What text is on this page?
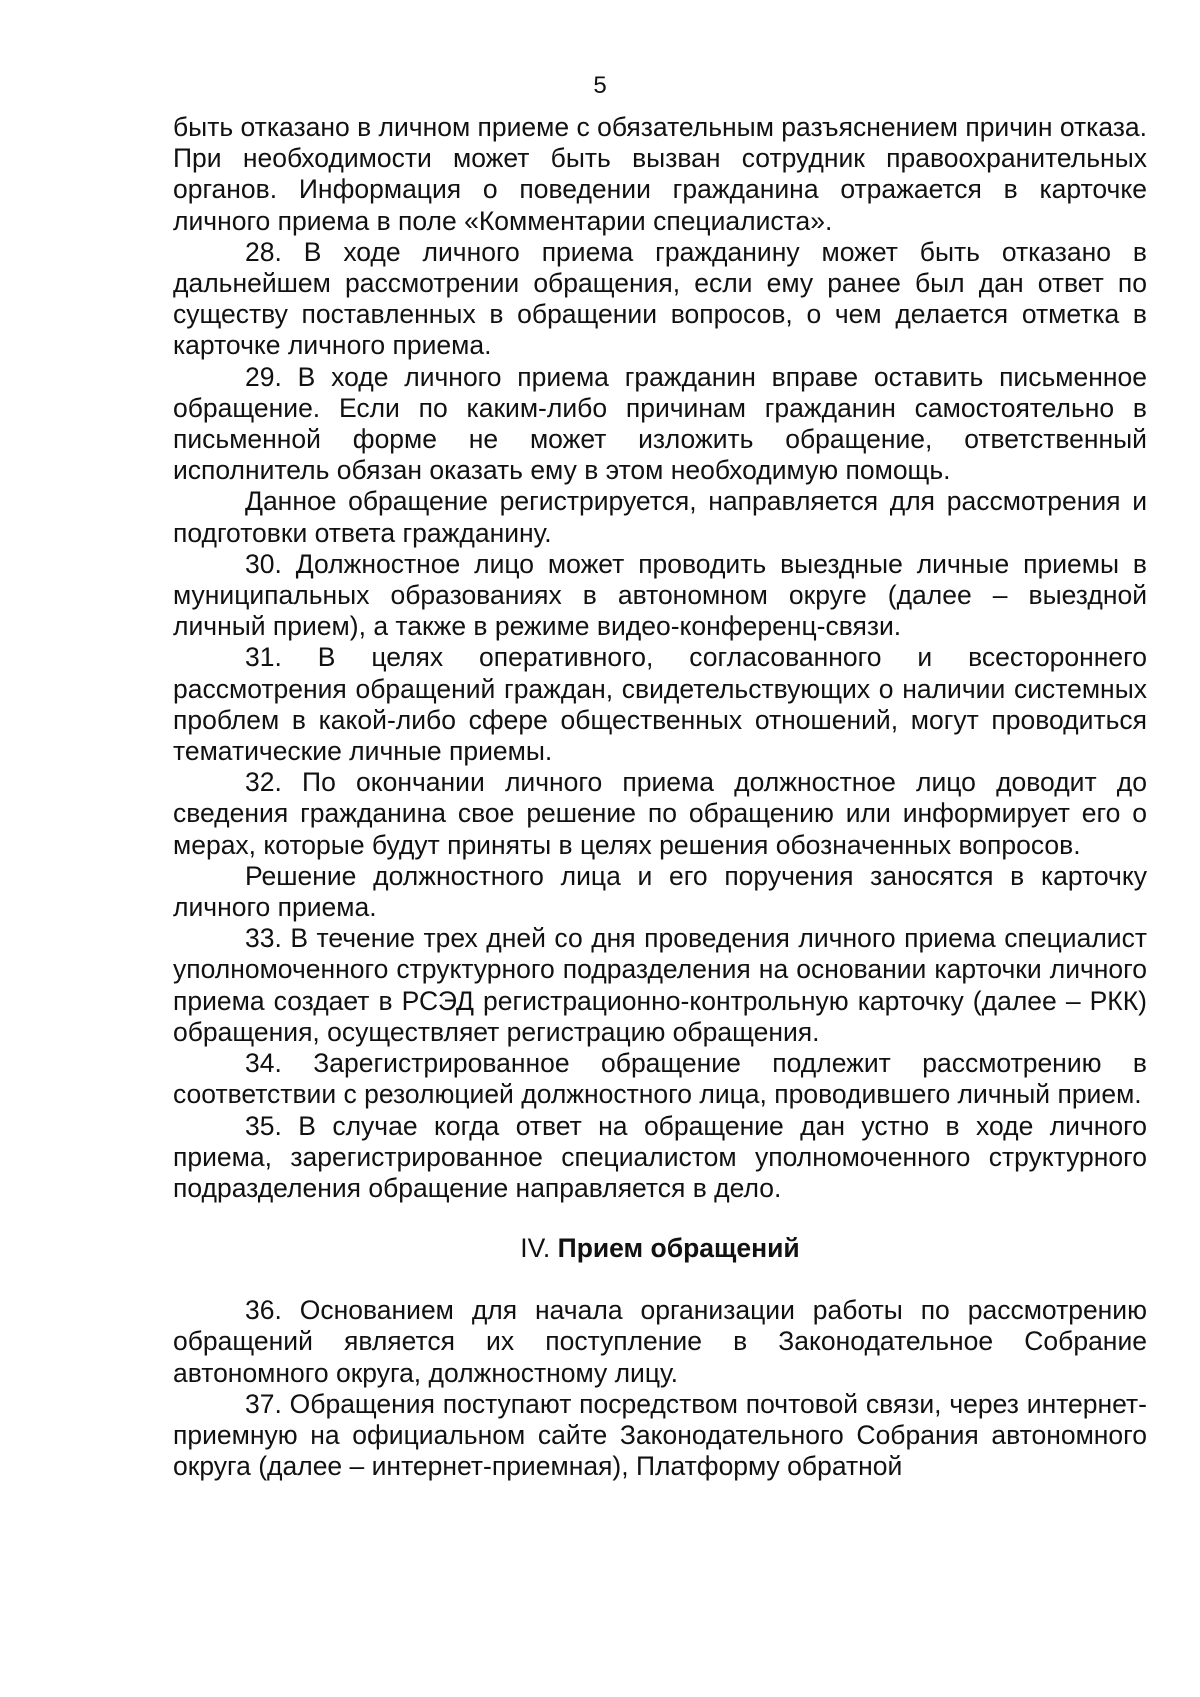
5

быть отказано в личном приеме с обязательным разъяснением причин отказа. При необходимости может быть вызван сотрудник правоохранительных органов. Информация о поведении гражданина отражается в карточке личного приема в поле «Комментарии специалиста».

28. В ходе личного приема гражданину может быть отказано в дальнейшем рассмотрении обращения, если ему ранее был дан ответ по существу поставленных в обращении вопросов, о чем делается отметка в карточке личного приема.

29. В ходе личного приема гражданин вправе оставить письменное обращение. Если по каким-либо причинам гражданин самостоятельно в письменной форме не может изложить обращение, ответственный исполнитель обязан оказать ему в этом необходимую помощь.

Данное обращение регистрируется, направляется для рассмотрения и подготовки ответа гражданину.

30. Должностное лицо может проводить выездные личные приемы в муниципальных образованиях в автономном округе (далее – выездной личный прием), а также в режиме видео-конференц-связи.

31. В целях оперативного, согласованного и всестороннего рассмотрения обращений граждан, свидетельствующих о наличии системных проблем в какой-либо сфере общественных отношений, могут проводиться тематические личные приемы.

32. По окончании личного приема должностное лицо доводит до сведения гражданина свое решение по обращению или информирует его о мерах, которые будут приняты в целях решения обозначенных вопросов.

Решение должностного лица и его поручения заносятся в карточку личного приема.

33. В течение трех дней со дня проведения личного приема специалист уполномоченного структурного подразделения на основании карточки личного приема создает в РСЭД регистрационно-контрольную карточку (далее – РКК) обращения, осуществляет регистрацию обращения.

34. Зарегистрированное обращение подлежит рассмотрению в соответствии с резолюцией должностного лица, проводившего личный прием.

35. В случае когда ответ на обращение дан устно в ходе личного приема, зарегистрированное специалистом уполномоченного структурного подразделения обращение направляется в дело.

IV. Прием обращений

36. Основанием для начала организации работы по рассмотрению обращений является их поступление в Законодательное Собрание автономного округа, должностному лицу.

37. Обращения поступают посредством почтовой связи, через интернет-приемную на официальном сайте Законодательного Собрания автономного округа (далее – интернет-приемная), Платформу обратной
